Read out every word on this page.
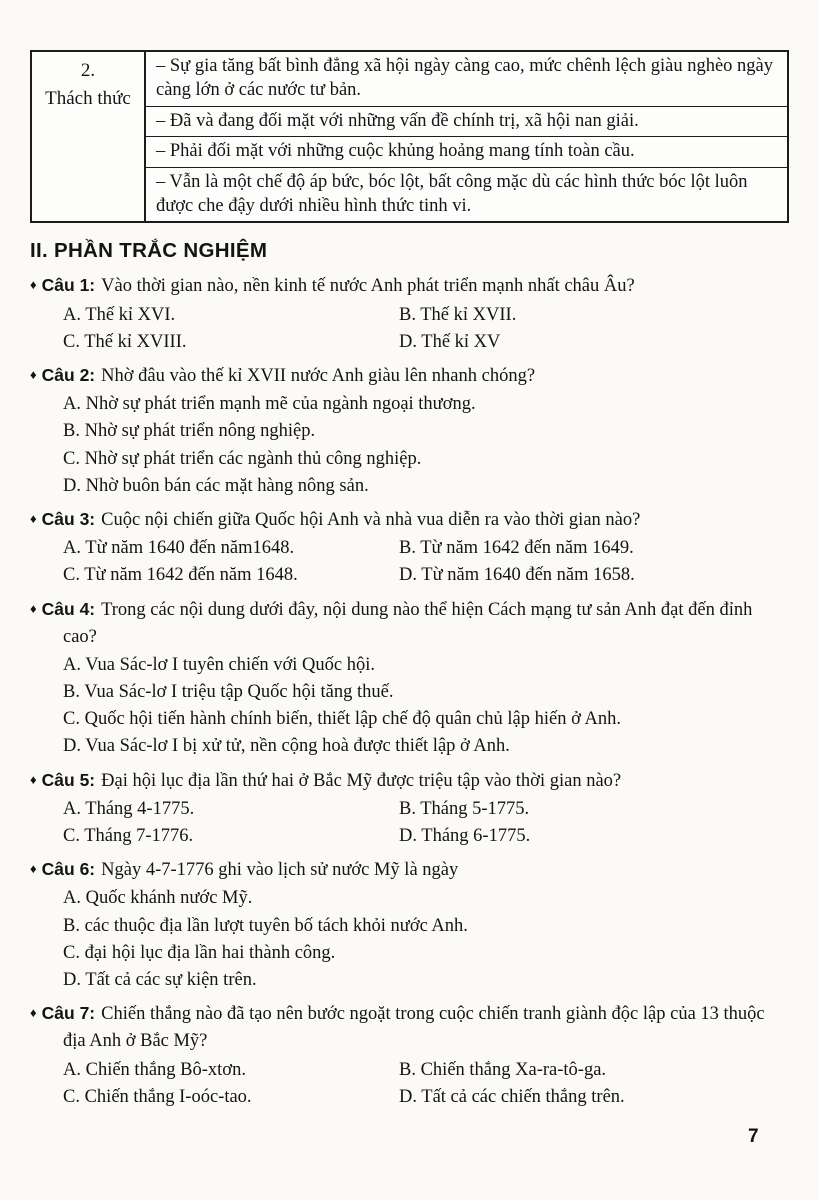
2.
Thách thức
– Sự gia tăng bất bình đẳng xã hội ngày càng cao, mức chênh lệch giàu nghèo ngày càng lớn ở các nước tư bản.
– Đã và đang đối mặt với những vấn đề chính trị, xã hội nan giải.
– Phải đối mặt với những cuộc khủng hoảng mang tính toàn cầu.
– Vẫn là một chế độ áp bức, bóc lột, bất công mặc dù các hình thức bóc lột luôn được che đậy dưới nhiều hình thức tinh vi.
II. PHẦN TRẮC NGHIỆM
♦ Câu 1: Vào thời gian nào, nền kinh tế nước Anh phát triển mạnh nhất châu Âu?
A. Thế kỉ XVI.	B. Thế kỉ XVII.
C. Thế kỉ XVIII.	D. Thế kỉ XV
♦ Câu 2: Nhờ đâu vào thế kỉ XVII nước Anh giàu lên nhanh chóng?
A. Nhờ sự phát triển mạnh mẽ của ngành ngoại thương.
B. Nhờ sự phát triển nông nghiệp.
C. Nhờ sự phát triển các ngành thủ công nghiệp.
D. Nhờ buôn bán các mặt hàng nông sản.
♦ Câu 3: Cuộc nội chiến giữa Quốc hội Anh và nhà vua diễn ra vào thời gian nào?
A. Từ năm 1640 đến năm1648.	B. Từ năm 1642 đến năm 1649.
C. Từ năm 1642 đến năm 1648.	D. Từ năm 1640 đến năm 1658.
♦ Câu 4: Trong các nội dung dưới đây, nội dung nào thể hiện Cách mạng tư sản Anh đạt đến đỉnh cao?
A. Vua Sác-lơ I tuyên chiến với Quốc hội.
B. Vua Sác-lơ I triệu tập Quốc hội tăng thuế.
C. Quốc hội tiến hành chính biến, thiết lập chế độ quân chủ lập hiến ở Anh.
D. Vua Sác-lơ I bị xử tử, nền cộng hoà được thiết lập ở Anh.
♦ Câu 5: Đại hội lục địa lần thứ hai ở Bắc Mỹ được triệu tập vào thời gian nào?
A. Tháng 4-1775.	B. Tháng 5-1775.
C. Tháng 7-1776.	D. Tháng 6-1775.
♦ Câu 6: Ngày 4-7-1776 ghi vào lịch sử nước Mỹ là ngày
A. Quốc khánh nước Mỹ.
B. các thuộc địa lần lượt tuyên bố tách khỏi nước Anh.
C. đại hội lục địa lần hai thành công.
D. Tất cả các sự kiện trên.
♦ Câu 7: Chiến thắng nào đã tạo nên bước ngoặt trong cuộc chiến tranh giành độc lập của 13 thuộc địa Anh ở Bắc Mỹ?
A. Chiến thắng Bô-xtơn.	B. Chiến thắng Xa-ra-tô-ga.
C. Chiến thắng I-oóc-tao.	D. Tất cả các chiến thắng trên.
7
